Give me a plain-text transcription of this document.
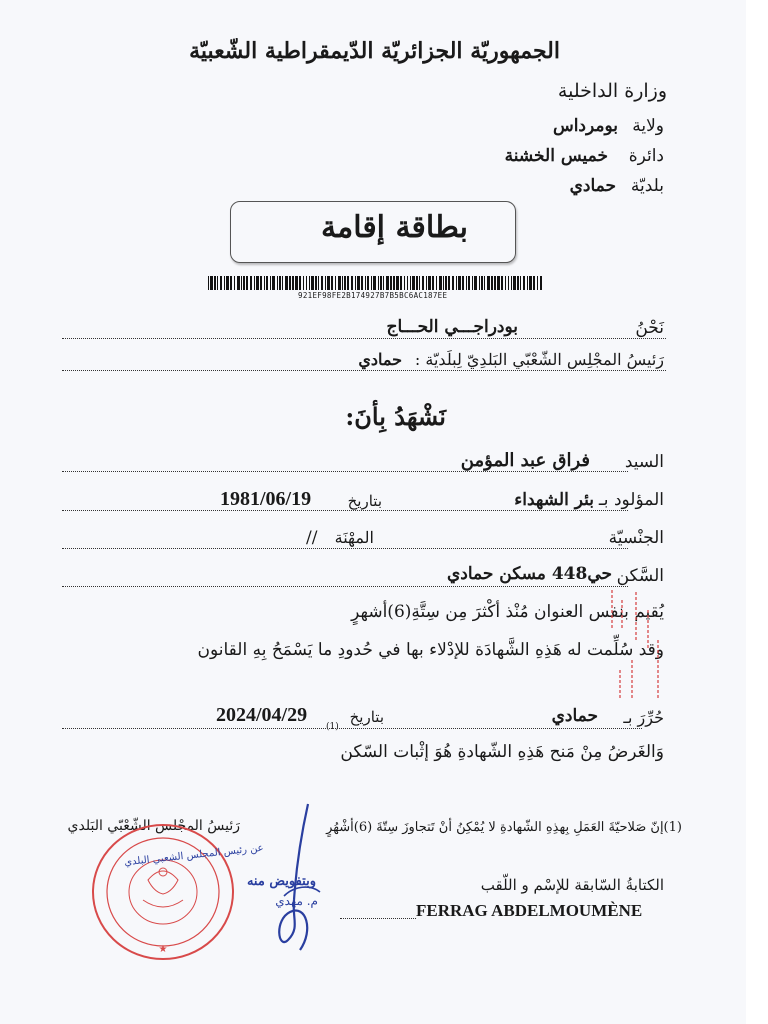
الجمهوريّة الجزائريّة الدّيمقراطية الشّعبيّة
وزارة الداخلية
ولاية
بومرداس
دائرة
خميس الخشنة
بلديّة
حمادي
بطاقة إقامة
921EF98FE2B174927B7B5BC6AC187EE
نَحْنُ
بودراجـــي الحـــاج
رَئيسُ المجْلِس الشّعْبّي البَلدِيّ لِبلَديّة :
حمادي
نَشْهَدُ بِأنَ:
السيد
فراق عبد المؤمن
المؤلود بـ
بئر الشهداء
بتاريخ
1981/06/19
الجنْسيّة
المهْنَة
//
السَّكن
حي448 مسكن حمادي
يُقيم بنفس العنوان مُنْذ أكْثرَ مِن سِتَّةِ(6)أشهرٍ
وقد سُلِّمت له هَذِهِ الشَّهادَة للإدْلاء بها في حُدودِ ما يَسْمَحُ بِهِ القانون
حُرِّرَ بـ
حمادي
بتاريخ
(1)
2024/04/29
وَالغَرضُ مِنْ مَنح هَذِهِ الشّهادةِ هُوَ إثْبات السّكن
(1)إنّ صَلاحيّةَ العَمَلِ بِهذِهِ الشّهادةِ لا يُمْكِنُ أنْ تَتجاوزَ سِتّةَ (6)أشْهُرٍ
رَئيسُ المجْلس الشّعْبّي البَلدي
★
عن رئيس المجلس الشعبي البلدي
وبتفويض منه
م. مهدي
الكتابةُ السّابقة للإسْم و اللّقب
FERRAG ABDELMOUMÈNE
